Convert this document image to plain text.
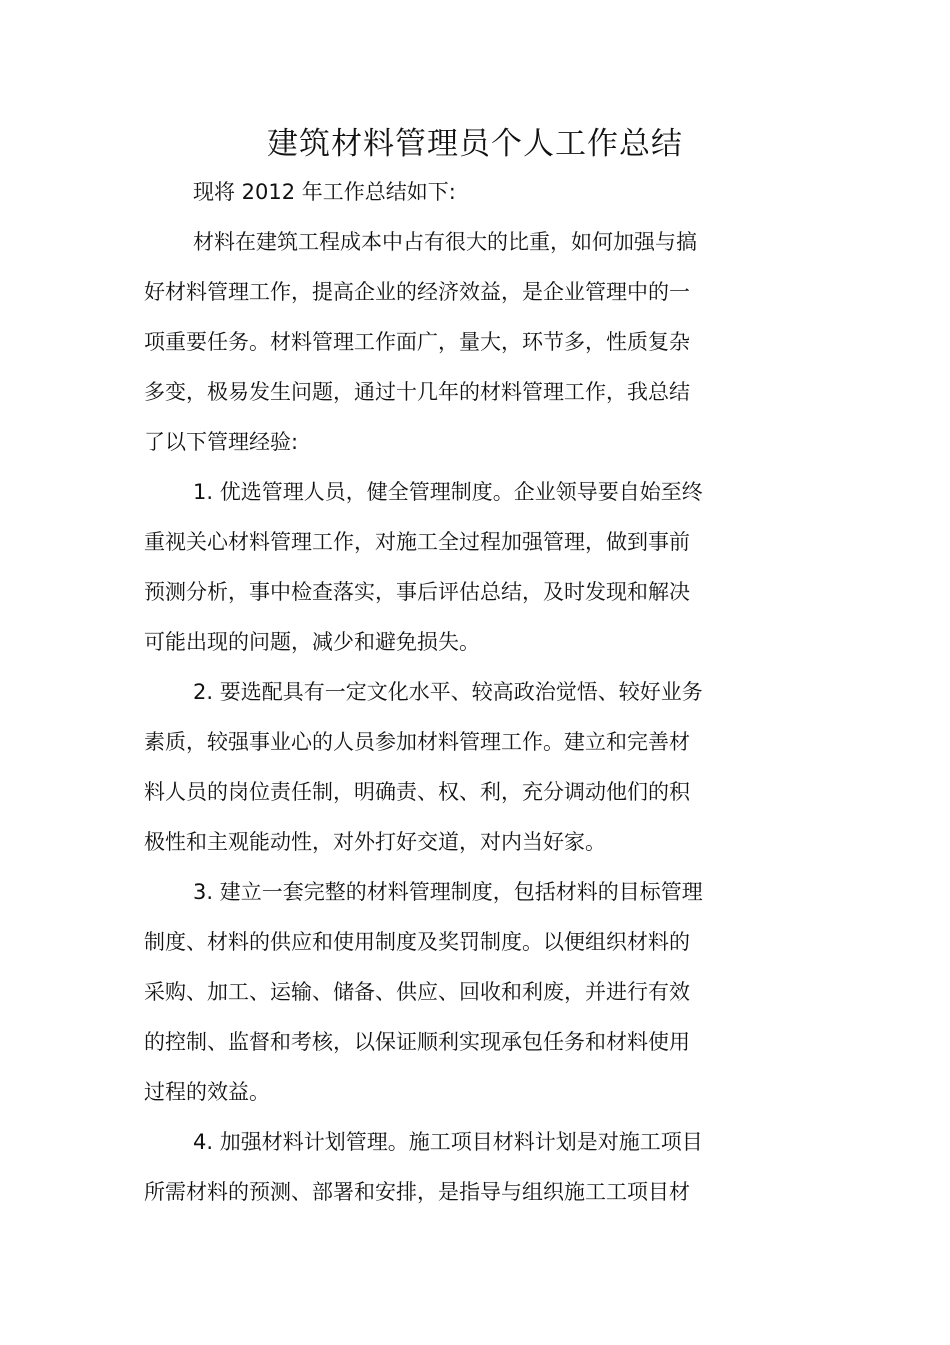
建筑材料管理员个人工作总结
现将 2012 年工作总结如下:
材料在建筑工程成本中占有很大的比重，如何加强与搞
好材料管理工作，提高企业的经济效益，是企业管理中的一
项重要任务。材料管理工作面广，量大，环节多，性质复杂
多变，极易发生问题，通过十几年的材料管理工作，我总结
了以下管理经验:
1. 优选管理人员，健全管理制度。企业领导要自始至终
重视关心材料管理工作，对施工全过程加强管理，做到事前
预测分析，事中检查落实，事后评估总结，及时发现和解决
可能出现的问题，减少和避免损失。
2. 要选配具有一定文化水平、较高政治觉悟、较好业务
素质，较强事业心的人员参加材料管理工作。建立和完善材
料人员的岗位责任制，明确责、权、利，充分调动他们的积
极性和主观能动性，对外打好交道，对内当好家。
3. 建立一套完整的材料管理制度，包括材料的目标管理
制度、材料的供应和使用制度及奖罚制度。以便组织材料的
采购、加工、运输、储备、供应、回收和利废，并进行有效
的控制、监督和考核，以保证顺利实现承包任务和材料使用
过程的效益。
4. 加强材料计划管理。施工项目材料计划是对施工项目
所需材料的预测、部署和安排，是指导与组织施工工项目材
